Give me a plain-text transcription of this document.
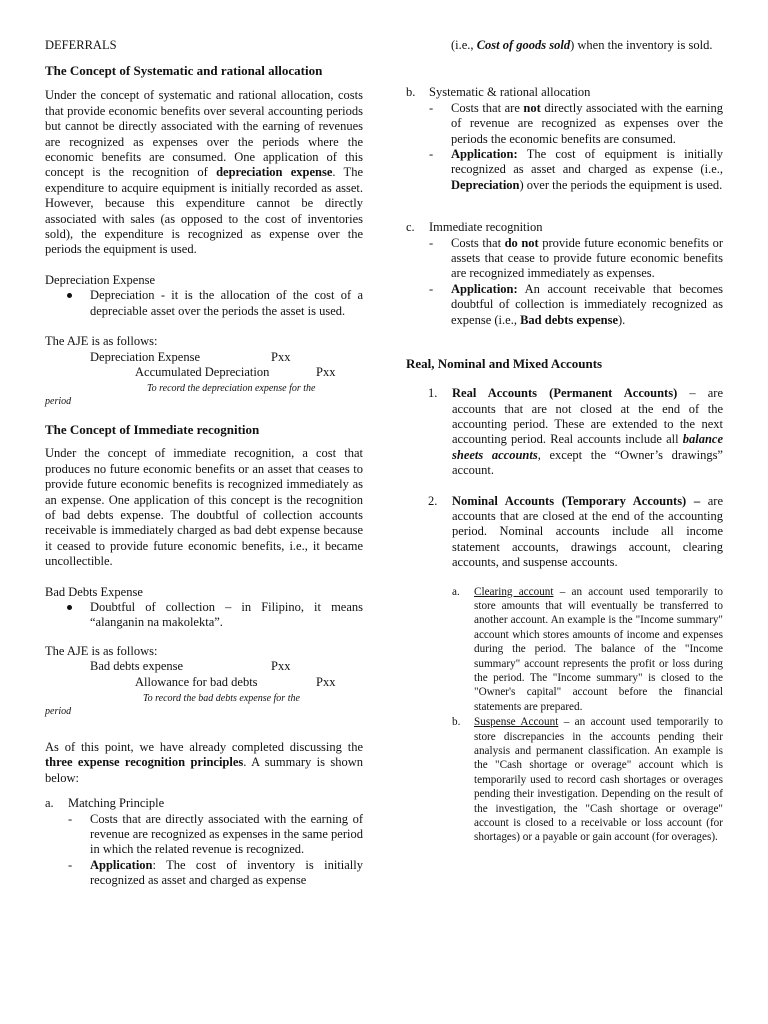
DEFERRALS

The Concept of Systematic and rational allocation

Under the concept of systematic and rational allocation, costs that provide economic benefits over several accounting periods but cannot be directly associated with the earning of revenues are recognized as expenses over the periods where the economic benefits are consumed. One application of this concept is the recognition of depreciation expense. The expenditure to acquire equipment is initially recorded as asset. However, because this expenditure cannot be directly associated with sales (as opposed to the cost of inventories sold), the expenditure is recognized as expense over the periods the equipment is used.

Depreciation Expense

Depreciation - it is the allocation of the cost of a depreciable asset over the periods the asset is used.

The AJE is as follows:

Depreciation Expense	Pxx
Accumulated Depreciation	Pxx

To record the depreciation expense for the

period

The Concept of Immediate recognition

Under the concept of immediate recognition, a cost that produces no future economic benefits or an asset that ceases to provide future economic benefits is recognized immediately as an expense. One application of this concept is the recognition of bad debts expense. The doubtful of collection accounts receivable is immediately charged as bad debt expense because it ceased to provide future economic benefits, i.e., it became uncollectible.

Bad Debts Expense

Doubtful of collection – in Filipino, it means “alanganin na makolekta”.

The AJE is as follows:

Bad debts expense	Pxx
Allowance for bad debts	Pxx

To record the bad debts expense for the

period

As of this point, we have already completed discussing the three expense recognition principles. A summary is shown below:

a. Matching Principle
- Costs that are directly associated with the earning of revenue are recognized as expenses in the same period in which the related revenue is recognized.
- Application: The cost of inventory is initially recognized as asset and charged as expense

(i.e., Cost of goods sold) when the inventory is sold.

b. Systematic & rational allocation
- Costs that are not directly associated with the earning of revenue are recognized as expenses over the periods the economic benefits are consumed.
- Application: The cost of equipment is initially recognized as asset and charged as expense (i.e., Depreciation) over the periods the equipment is used.
c. Immediate recognition
- Costs that do not provide future economic benefits or assets that cease to provide future economic benefits are recognized immediately as expenses.
- Application: An account receivable that becomes doubtful of collection is immediately recognized as expense (i.e., Bad debts expense).

Real, Nominal and Mixed Accounts

1. Real Accounts (Permanent Accounts) – are accounts that are not closed at the end of the accounting period. These are extended to the next accounting period. Real accounts include all balance sheets accounts, except the “Owner’s drawings” account.
2. Nominal Accounts (Temporary Accounts) – are accounts that are closed at the end of the accounting period. Nominal accounts include all income statement accounts, drawings account, clearing accounts, and suspense accounts.
a. Clearing account – an account used temporarily to store amounts that will eventually be transferred to another account. An example is the "Income summary" account which stores amounts of income and expenses during the period. The balance of the "Income summary" account represents the profit or loss during the period. The "Income summary" is closed to the "Owner's capital" account before the financial statements are prepared.
b. Suspense Account – an account used temporarily to store discrepancies in the accounts pending their analysis and permanent classification. An example is the "Cash shortage or overage" account which is temporarily used to record cash shortages or overages pending their investigation. Depending on the result of the investigation, the "Cash shortage or overage" account is closed to a receivable or loss account (for shortages) or a payable or gain account (for overages).
